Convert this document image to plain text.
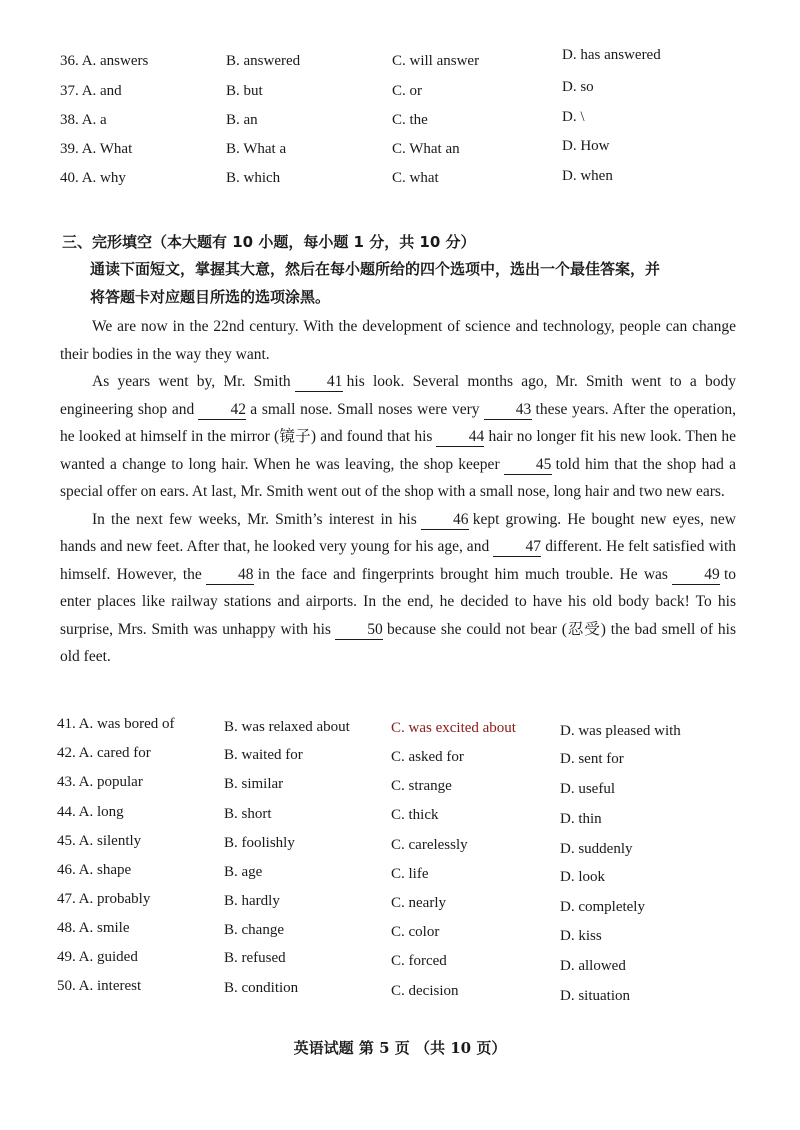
36. A. answers	B. answered	C. will answer	D. has answered
37. A. and	B. but	C. or	D. so
38. A. a	B. an	C. the	D. \
39. A. What	B. What a	C. What an	D. How
40. A. why	B. which	C. what	D. when
三、完形填空（本大题有 10 小题，每小题 1 分，共 10 分）
通读下面短文，掌握其大意，然后在每小题所给的四个选项中，选出一个最佳答案，并
将答题卡对应题目所选的选项涂黑。

We are now in the 22nd century. With the development of science and technology, people can change their bodies in the way they want.

As years went by, Mr. Smith 41 his look. Several months ago, Mr. Smith went to a body engineering shop and 42 a small nose. Small noses were very 43 these years. After the operation, he looked at himself in the mirror (镜子) and found that his 44 hair no longer fit his new look. Then he wanted a change to long hair. When he was leaving, the shop keeper 45 told him that the shop had a special offer on ears. At last, Mr. Smith went out of the shop with a small nose, long hair and two new ears.

In the next few weeks, Mr. Smith’s interest in his 46 kept growing. He bought new eyes, new hands and new feet. After that, he looked very young for his age, and 47 different. He felt satisfied with himself. However, the 48 in the face and fingerprints brought him much trouble. He was 49 to enter places like railway stations and airports. In the end, he decided to have his old body back! To his surprise, Mrs. Smith was unhappy with his 50 because she could not bear (忍受) the bad smell of his old feet.

41. A. was bored of	B. was relaxed about	C. was excited about	D. was pleased with
42. A. cared for	B. waited for	C. asked for	D. sent for
43. A. popular	B. similar	C. strange	D. useful
44. A. long	B. short	C. thick	D. thin
45. A. silently	B. foolishly	C. carelessly	D. suddenly
46. A. shape	B. age	C. life	D. look
47. A. probably	B. hardly	C. nearly	D. completely
48. A. smile	B. change	C. color	D. kiss
49. A. guided	B. refused	C. forced	D. allowed
50. A. interest	B. condition	C. decision	D. situation
英语试题 第 5 页 （共 10 页）
